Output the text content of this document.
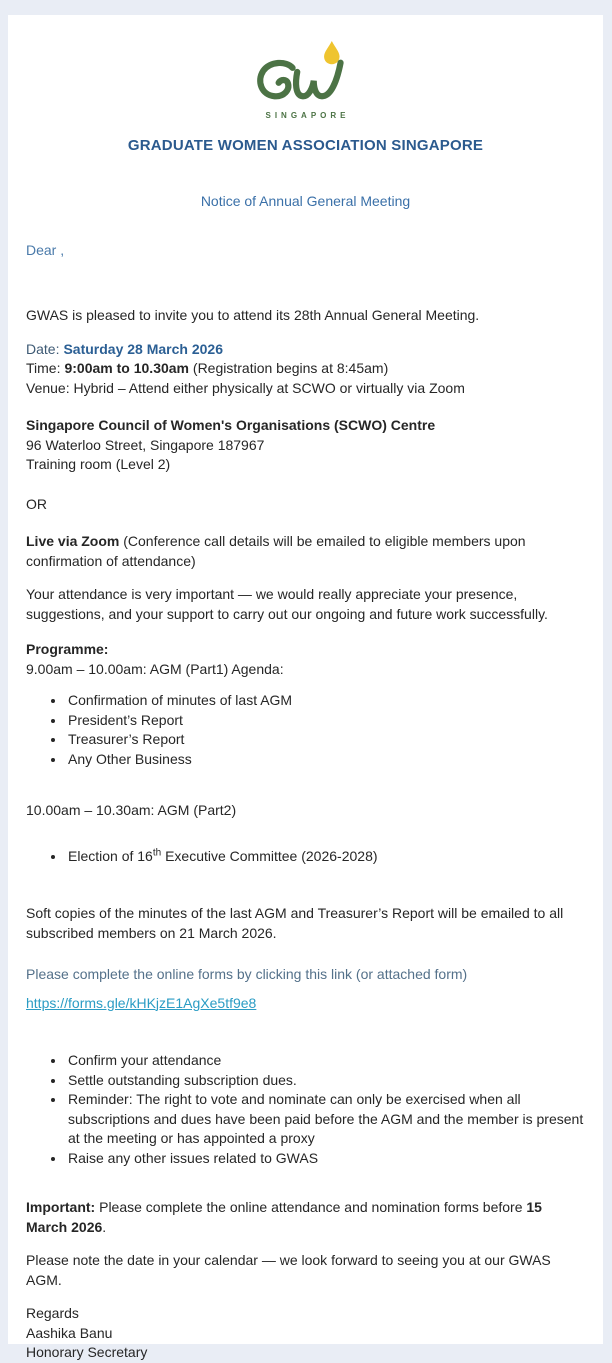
SINGAPORE

GRADUATE WOMEN ASSOCIATION SINGAPORE

Notice of Annual General Meeting

Dear ,

GWAS is pleased to invite you to attend its 28th Annual General Meeting.

Date: Saturday 28 March 2026

Time: 9:00am to 10.30am (Registration begins at 8:45am)

Venue: Hybrid – Attend either physically at SCWO or virtually via Zoom

Singapore Council of Women's Organisations (SCWO) Centre

96 Waterloo Street, Singapore 187967

Training room (Level 2)

OR

Live via Zoom (Conference call details will be emailed to eligible members upon confirmation of attendance)

Your attendance is very important — we would really appreciate your presence, suggestions, and your support to carry out our ongoing and future work successfully.

Programme:

9.00am – 10.00am: AGM (Part1) Agenda:

• Confirmation of minutes of last AGM
• President’s Report
• Treasurer’s Report
• Any Other Business

10.00am – 10.30am: AGM (Part2)

• Election of 16th Executive Committee (2026-2028)

Soft copies of the minutes of the last AGM and Treasurer’s Report will be emailed to all subscribed members on 21 March 2026.

Please complete the online forms by clicking this link (or attached form)

https://forms.gle/kHKjzE1AgXe5tf9e8

• Confirm your attendance
• Settle outstanding subscription dues.
• Reminder: The right to vote and nominate can only be exercised when all subscriptions and dues have been paid before the AGM and the member is present at the meeting or has appointed a proxy
• Raise any other issues related to GWAS

Important: Please complete the online attendance and nomination forms before 15 March 2026.

Please note the date in your calendar — we look forward to seeing you at our GWAS AGM.

Regards

Aashika Banu

Honorary Secretary
